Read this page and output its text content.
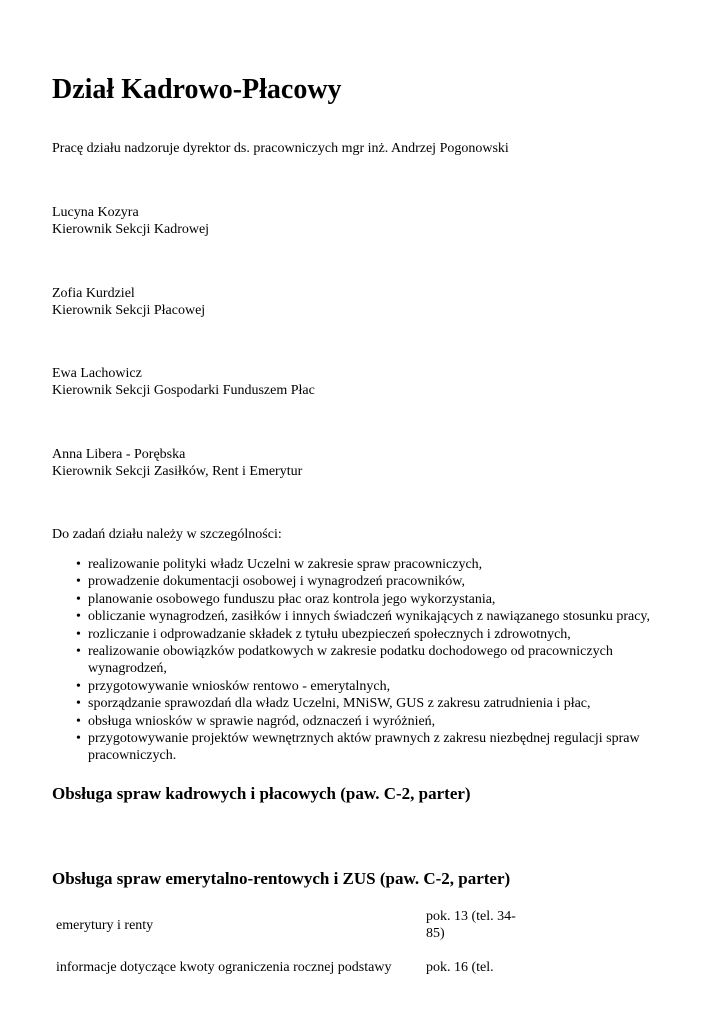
Dział Kadrowo-Płacowy

Pracę działu nadzoruje dyrektor ds. pracowniczych mgr inż. Andrzej Pogonowski

Lucyna Kozyra
Kierownik Sekcji Kadrowej
Zofia Kurdziel
Kierownik Sekcji Płacowej
Ewa Lachowicz
Kierownik Sekcji Gospodarki Funduszem Płac
Anna Libera - Porębska
Kierownik Sekcji Zasiłków, Rent i Emerytur

Do zadań działu należy w szczególności:

• realizowanie polityki władz Uczelni w zakresie spraw pracowniczych,
• prowadzenie dokumentacji osobowej i wynagrodzeń pracowników,
• planowanie osobowego funduszu płac oraz kontrola jego wykorzystania,
• obliczanie wynagrodzeń, zasiłków i innych świadczeń wynikających z nawiązanego stosunku pracy,
• rozliczanie i odprowadzanie składek z tytułu ubezpieczeń społecznych i zdrowotnych,
• realizowanie obowiązków podatkowych w zakresie podatku dochodowego od pracowniczych wynagrodzeń,
• przygotowywanie wniosków rentowo - emerytalnych,
• sporządzanie sprawozdań dla władz Uczelni, MNiSW, GUS z zakresu zatrudnienia i płac,
• obsługa wniosków w sprawie nagród, odznaczeń i wyróżnień,
• przygotowywanie projektów wewnętrznych aktów prawnych z zakresu niezbędnej regulacji spraw pracowniczych.
Obsługa spraw kadrowych i płacowych (paw. C-2, parter)
Obsługa spraw emerytalno-rentowych i ZUS (paw. C-2, parter)
emerytury i renty	pok. 13 (tel. 34-85)
informacje dotyczące kwoty ograniczenia rocznej podstawy	pok. 16 (tel.
